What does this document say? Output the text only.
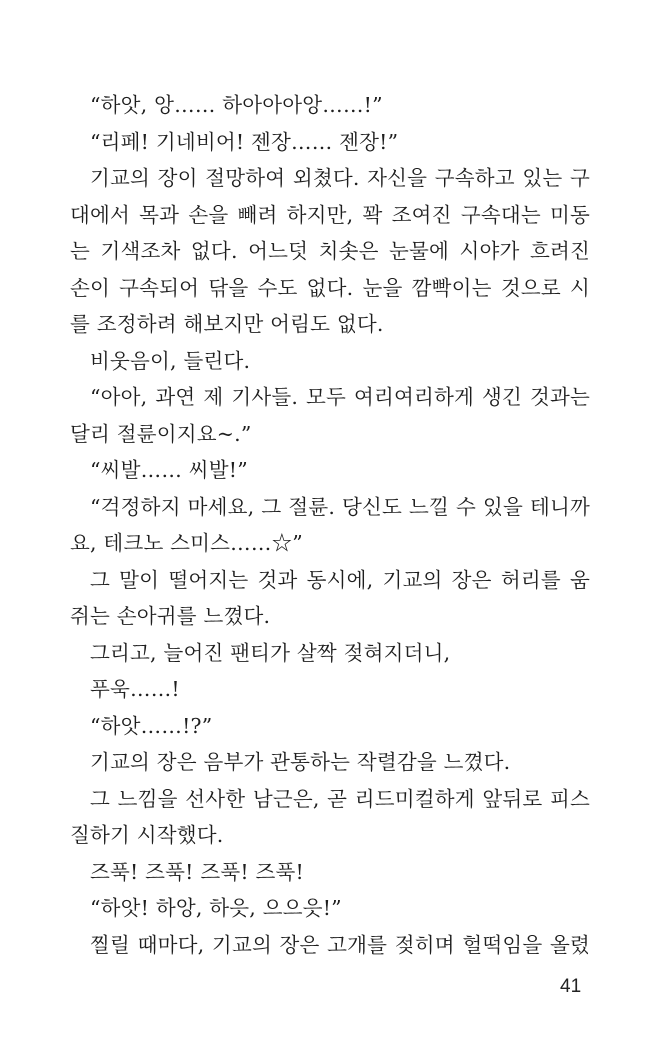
“하앗, 앙…… 하아아아앙……!”
“리페! 기네비어! 젠장…… 젠장!”
기교의 장이 절망하여 외쳤다. 자신을 구속하고 있는 구
대에서 목과 손을 빼려 하지만, 꽉 조여진 구속대는 미동
는 기색조차 없다. 어느덧 치솟은 눈물에 시야가 흐려진
손이 구속되어 닦을 수도 없다. 눈을 깜빡이는 것으로 시
를 조정하려 해보지만 어림도 없다.
비웃음이, 들린다.
“아아, 과연 제 기사들. 모두 여리여리하게 생긴 것과는
달리 절륜이지요~.”
“씨발…… 씨발!”
“걱정하지 마세요, 그 절륜. 당신도 느낄 수 있을 테니까
요, 테크노 스미스……☆”
그 말이 떨어지는 것과 동시에, 기교의 장은 허리를 움
쥐는 손아귀를 느꼈다.
그리고, 늘어진 팬티가 살짝 젖혀지더니,
푸욱……!
“하앗……!?”
기교의 장은 음부가 관통하는 작렬감을 느꼈다.
그 느낌을 선사한 남근은, 곧 리드미컬하게 앞뒤로 피스
질하기 시작했다.
즈푹! 즈푹! 즈푹! 즈푹!
“하앗! 하앙, 하읏, 으으읏!”
찔릴 때마다, 기교의 장은 고개를 젖히며 헐떡임을 올렸
41
